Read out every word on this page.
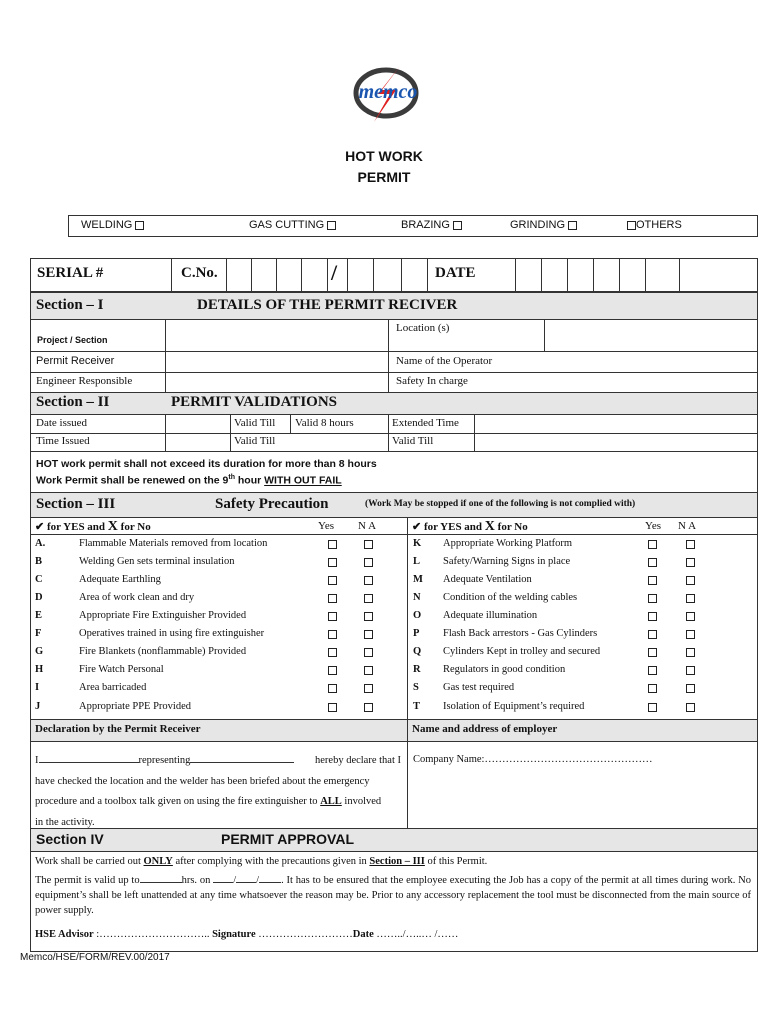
memco
HOT WORK
PERMIT
WELDING	GAS CUTTING	BRAZING	GRINDING	OTHERS
SERIAL #	C.No.	/	DATE
Section – I	DETAILS OF THE PERMIT RECIVER
Project / Section
Location (s)
Permit Receiver	Name of the Operator
Engineer Responsible	Safety In charge
Section – II	PERMIT VALIDATIONS
Date issued	Valid Till Valid 8 hours	Extended Time
Time Issued	Valid Till	Valid Till
HOT work permit shall not exceed its duration for more than 8 hours
Work Permit shall be renewed on the 9th hour WITH OUT FAIL
Section – III	Safety Precaution	(Work May be stopped if one of the following is not complied with)
✔ for YES and X for No	Yes N A	✔ for YES and X for No	Yes N A
A.	Flammable Materials removed from location
B	Welding Gen sets terminal insulation
C	Adequate Earthling
D	Area of work clean and dry
E	Appropriate Fire Extinguisher Provided
F	Operatives trained in using fire extinguisher
G	Fire Blankets (nonflammable) Provided
H	Fire Watch Personal
I	Area barricaded
J	Appropriate PPE Provided
K Appropriate Working Platform
L Safety/Warning Signs in place
M Adequate Ventilation
N Condition of the welding cables
O Adequate illumination
P Flash Back arrestors - Gas Cylinders
Q Cylinders Kept in trolley and secured
R Regulators in good condition
S Gas test required
T Isolation of Equipment’s required
Declaration by the Permit Receiver	Name and address of employer
I	representing	hereby declare that I
have checked the location and the welder has been briefed about the emergency
procedure and a toolbox talk given on using the fire extinguisher to ALL involved
in the activity.
Company Name:…………………………………………
Section IV	PERMIT APPROVAL
Work shall be carried out ONLY after complying with the precautions given in Section – III of this Permit.
The permit is valid up to	hrs. on / / . It has to be ensured that the employee executing the Job has a copy of the permit at all times during work. No equipment’s shall be left unattended at any time whatsoever the reason may be. Prior to any accessory replacement the tool must be disconnected from the main source of power supply.
HSE Advisor :………………………….. Signature ………………………Date ……../…..… /……
Memco/HSE/FORM/REV.00/2017
